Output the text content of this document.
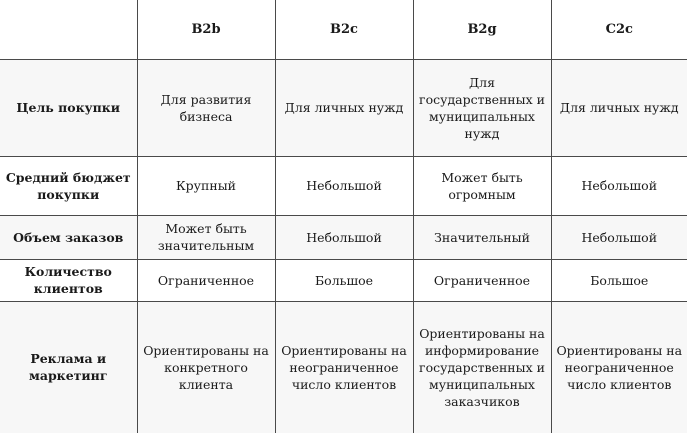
	B2b	B2c	B2g	C2c
Цель покупки	Для развития бизнеса	Для личных нужд	Для государственных и муниципальных нужд	Для личных нужд
Средний бюджет покупки	Крупный	Небольшой	Может быть огромным	Небольшой
Объем заказов	Может быть значительным	Небольшой	Значительный	Небольшой
Количество клиентов	Ограниченное	Большое	Ограниченное	Большое
Реклама и маркетинг	Ориентированы на конкретного клиента	Ориентированы на неограниченное число клиентов	Ориентированы на информирование государственных и муниципальных заказчиков	Ориентированы на неограниченное число клиентов
